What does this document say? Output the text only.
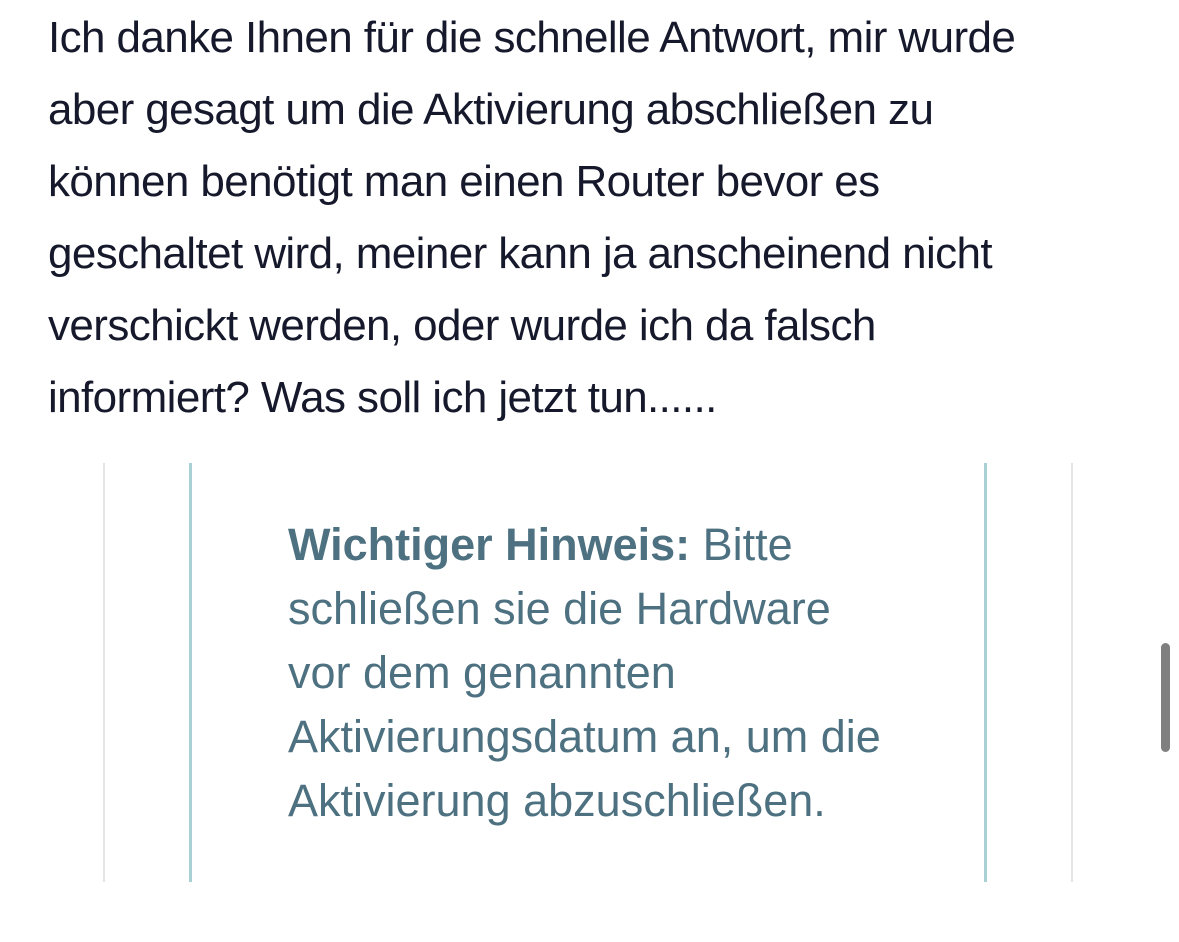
Ich danke Ihnen für die schnelle Antwort, mir wurde
aber gesagt um die Aktivierung abschließen zu
können benötigt man einen Router bevor es
geschaltet wird, meiner kann ja anscheinend nicht
verschickt werden, oder wurde ich da falsch
informiert? Was soll ich jetzt tun......
Wichtiger Hinweis: Bitte
schließen sie die Hardware
vor dem genannten
Aktivierungsdatum an, um die
Aktivierung abzuschließen.
